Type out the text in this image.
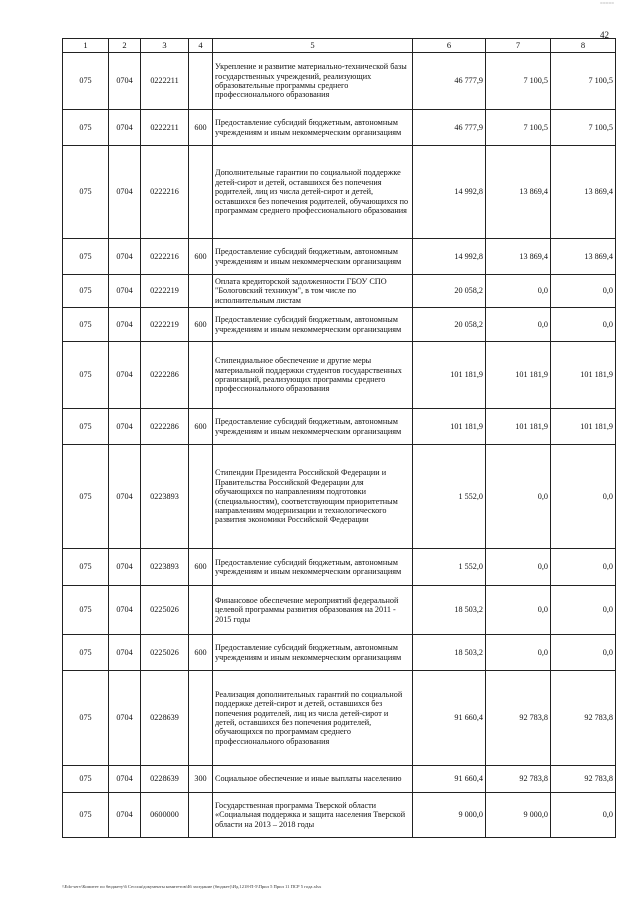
=====
42
1	2	3	4	5	6	7	8
075	0704	0222211		Укрепление и развитие материально-технической базы государственных учреждений, реализующих образовательные программы среднего профессионального образования	46 777,9	7 100,5	7 100,5
075	0704	0222211	600	Предоставление субсидий бюджетным, автономным учреждениям и иным некоммерческим организациям	46 777,9	7 100,5	7 100,5
075	0704	0222216		Дополнительные гарантии по социальной поддержке детей-сирот и детей, оставшихся без попечения родителей, лиц из числа детей-сирот и детей, оставшихся без попечения родителей, обучающихся по программам среднего профессионального образования	14 992,8	13 869,4	13 869,4
075	0704	0222216	600	Предоставление субсидий бюджетным, автономным учреждениям и иным некоммерческим организациям	14 992,8	13 869,4	13 869,4
075	0704	0222219		Оплата кредиторской задолженности ГБОУ СПО "Бологовский техникум", в том числе по исполнительным листам	20 058,2	0,0	0,0
075	0704	0222219	600	Предоставление субсидий бюджетным, автономным учреждениям и иным некоммерческим организациям	20 058,2	0,0	0,0
075	0704	0222286		Стипендиальное обеспечение и другие меры материальной поддержки студентов государственных организаций, реализующих программы среднего профессионального образования	101 181,9	101 181,9	101 181,9
075	0704	0222286	600	Предоставление субсидий бюджетным, автономным учреждениям и иным некоммерческим организациям	101 181,9	101 181,9	101 181,9
075	0704	0223893		Стипендии Президента Российской Федерации и Правительства Российской Федерации для обучающихся по направлениям подготовки (специальностям), соответствующим приоритетным направлениям модернизации и технологического развития экономики Российской Федерации	1 552,0	0,0	0,0
075	0704	0223893	600	Предоставление субсидий бюджетным, автономным учреждениям и иным некоммерческим организациям	1 552,0	0,0	0,0
075	0704	0225026		Финансовое обеспечение мероприятий федеральной целевой программы развития образования на 2011 - 2015 годы	18 503,2	0,0	0,0
075	0704	0225026	600	Предоставление субсидий бюджетным, автономным учреждениям и иным некоммерческим организациям	18 503,2	0,0	0,0
075	0704	0228639		Реализация дополнительных гарантий по социальной поддержке детей-сирот и детей, оставшихся без попечения родителей, лиц из числа детей-сирот и детей, оставшихся без попечения родителей, обучающихся по программам среднего профессионального образования	91 660,4	92 783,8	92 783,8
075	0704	0228639	300	Социальное обеспечение и иные выплаты населению	91 660,4	92 783,8	92 783,8
075	0704	0600000		Государственная программа Тверской области «Социальная поддержка и защита населения Тверской области на 2013 – 2018 годы	9 000,0	9 000,0	0,0
\\Edo-serv\Комитет по бюджету\6 Сессия\документы комитетов\46 заседание (бюджет)\Ид.1218-П-5\Прил 5 Прил 11 ПСР 5 года.xlsx
